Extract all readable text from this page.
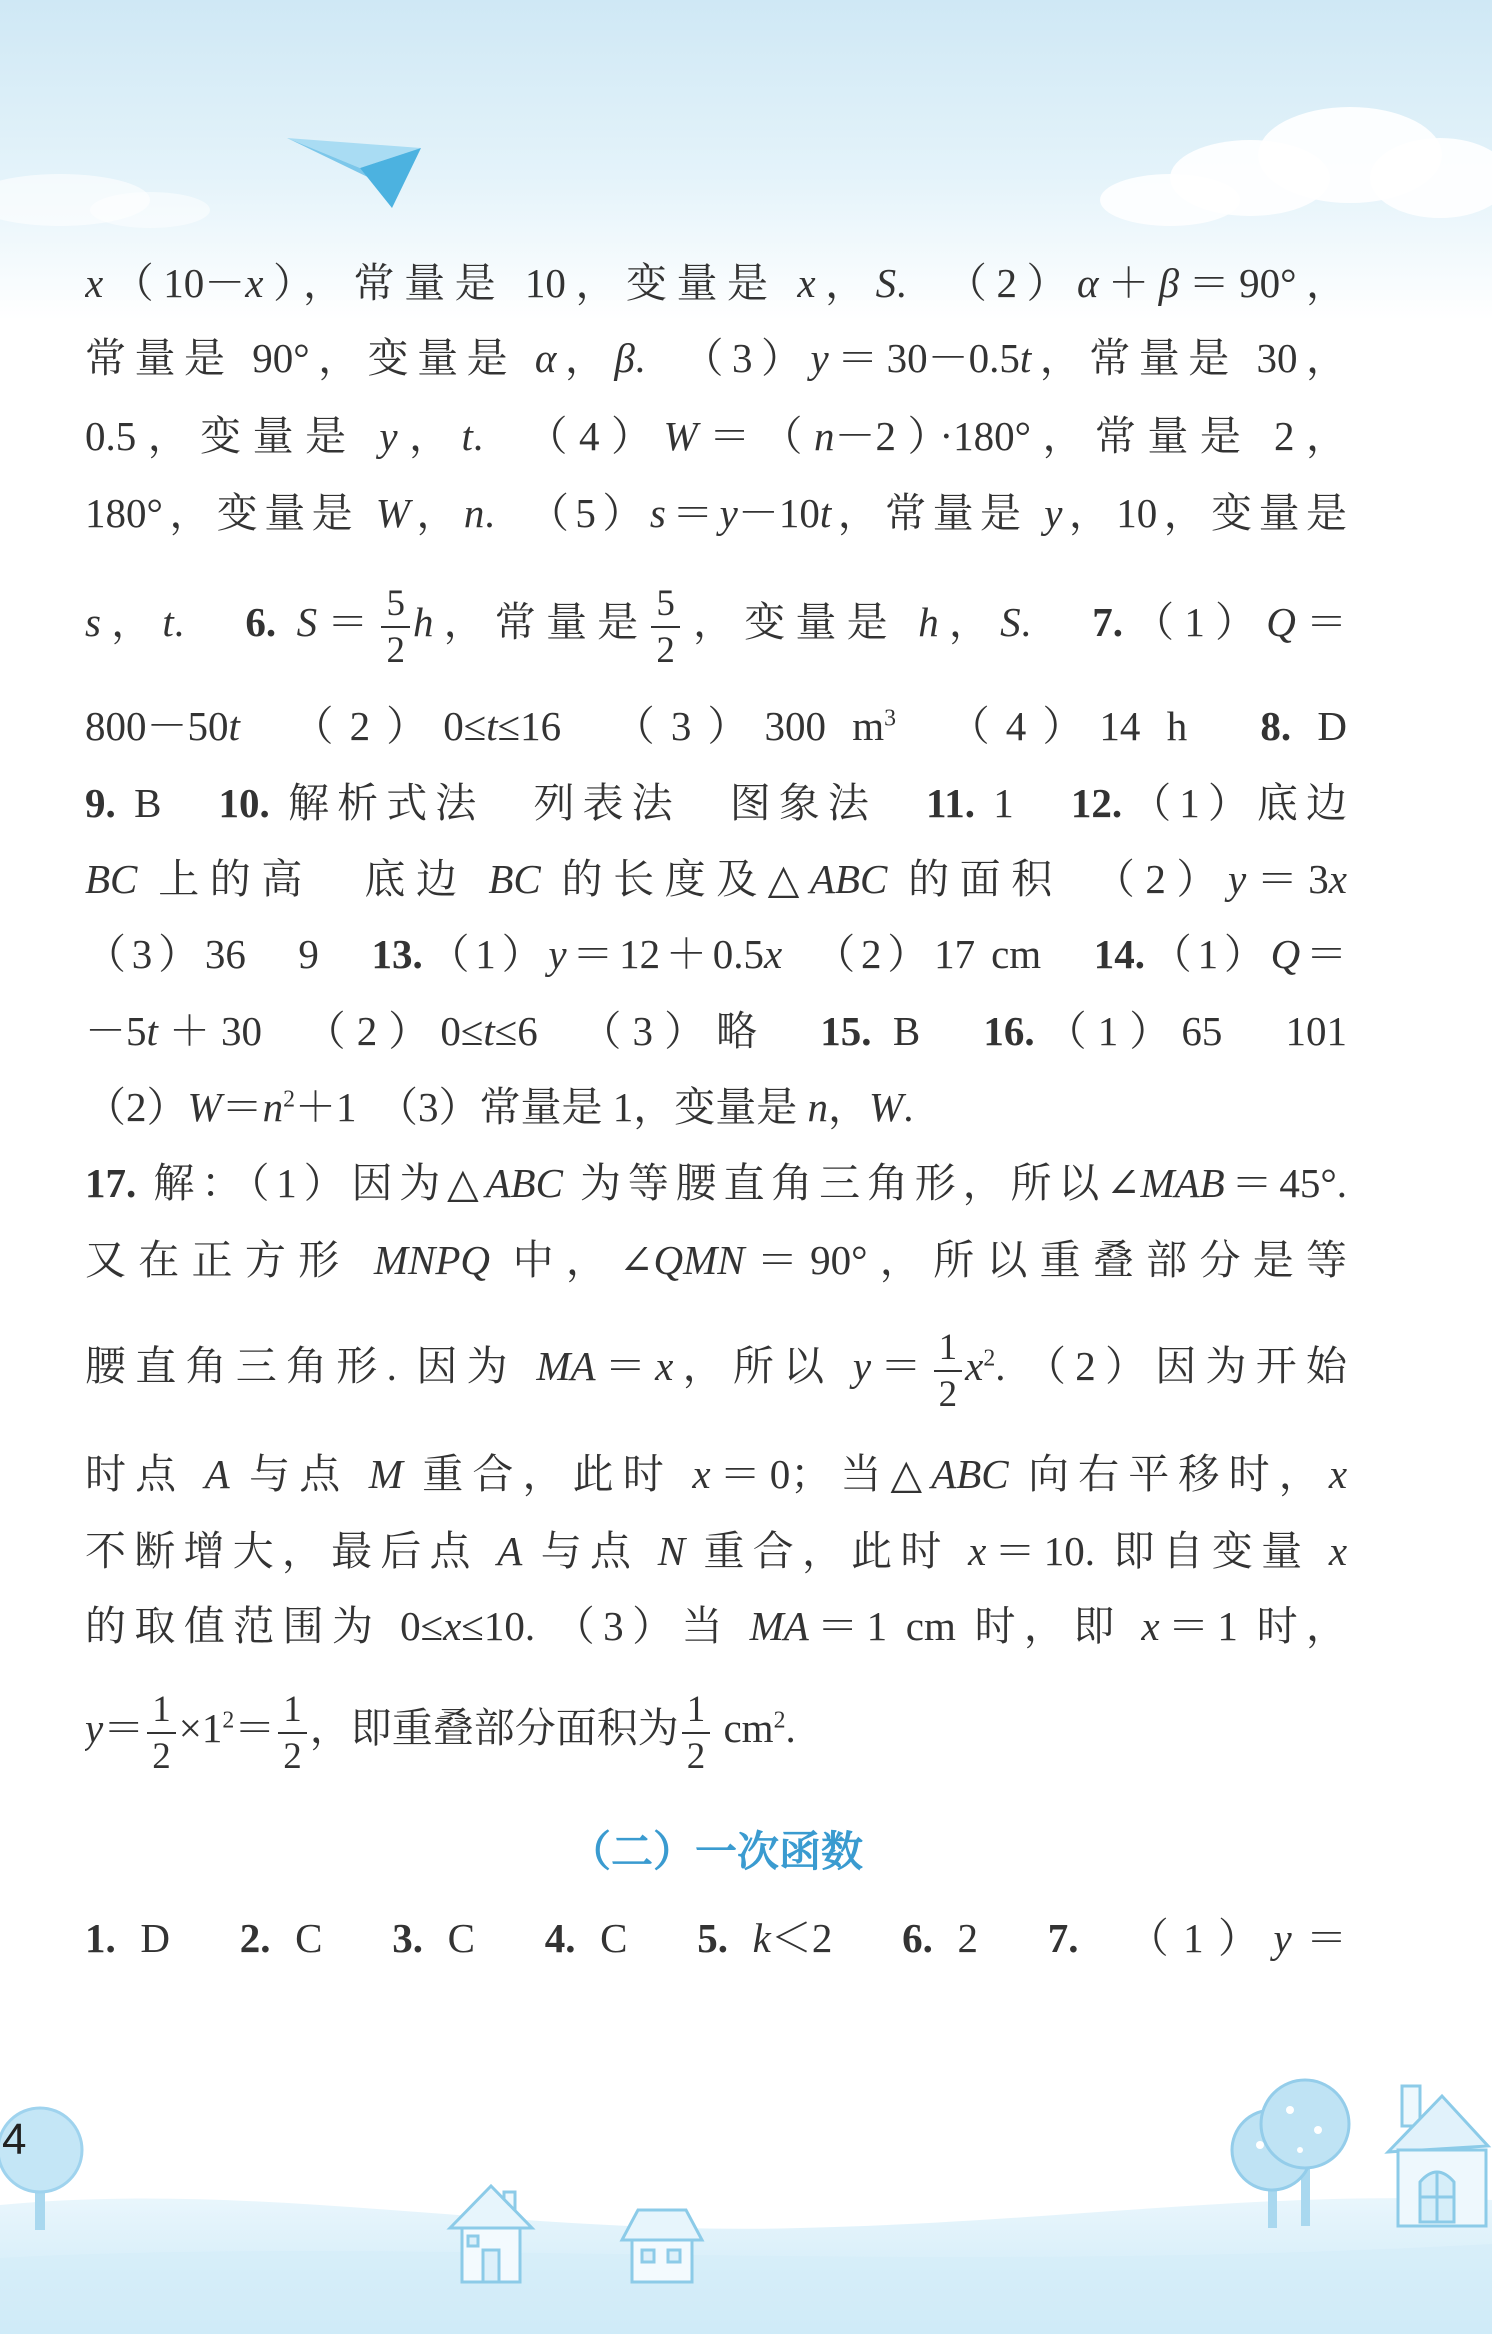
x（10－x），常量是 10，变量是 x，S.　（2）α＋β＝90°，
常量是 90°，变量是 α，β.　（3）y＝30－0.5t，常量是 30，
0.5，变量是 y，t.　（4）W＝（n－2）·180°，常量是 2，
180°，变量是 W，n.　（5）s＝y－10t，常量是 y，10，变量是
s，t.　6. $S= \frac{5}{2}$ h，常量是 $\frac{5}{2}$ ，变量是 h，S.　7.（1）Q＝
800－50t　（2）0≤t≤16　（3）300 $m^3$　（4）14 h　8. D
9. B　10. 解析式法　列表法　图象法　11. 1　12.（1）底边
BC 上的高　底边 BC 的长度及△ABC 的面积　（2）y＝3x
（3）36　9　13.（1）y＝12＋0.5x　（2）17 cm　14.（1）Q＝
－5t＋30　（2）0≤t≤6　（3）略　15. B　16.（1）65　101
$(2)W=n^2+1$　（3）常量是 1，变量是 n，W.
17. 解：（1）因为△ABC 为等腰直角三角形，所以∠MAB＝45°.
又在正方形 MNPQ 中，∠QMN＝90°，所以重叠部分是等
腰直角三角形. 因为 MA＝x，所以 $y= \frac{1}{2} x^2$. （2）因为开始
时点 A 与点 M 重合，此时 x＝0；当△ABC 向右平移时，x
不断增大，最后点 A 与点 N 重合，此时 x＝10. 即自变量 x
的取值范围为 0≤x≤10. （3）当 MA＝1 cm 时，即 x＝1 时，
$y= \frac{1}{2} \times 1^2= \frac{1}{2}$ ，即重叠部分面积为 $\frac{1}{2} cm^2$.
1. D　2. C　3. C　4. C　5. k＜2　6. 2　7.　（1）y＝
（二）一次函数
4
